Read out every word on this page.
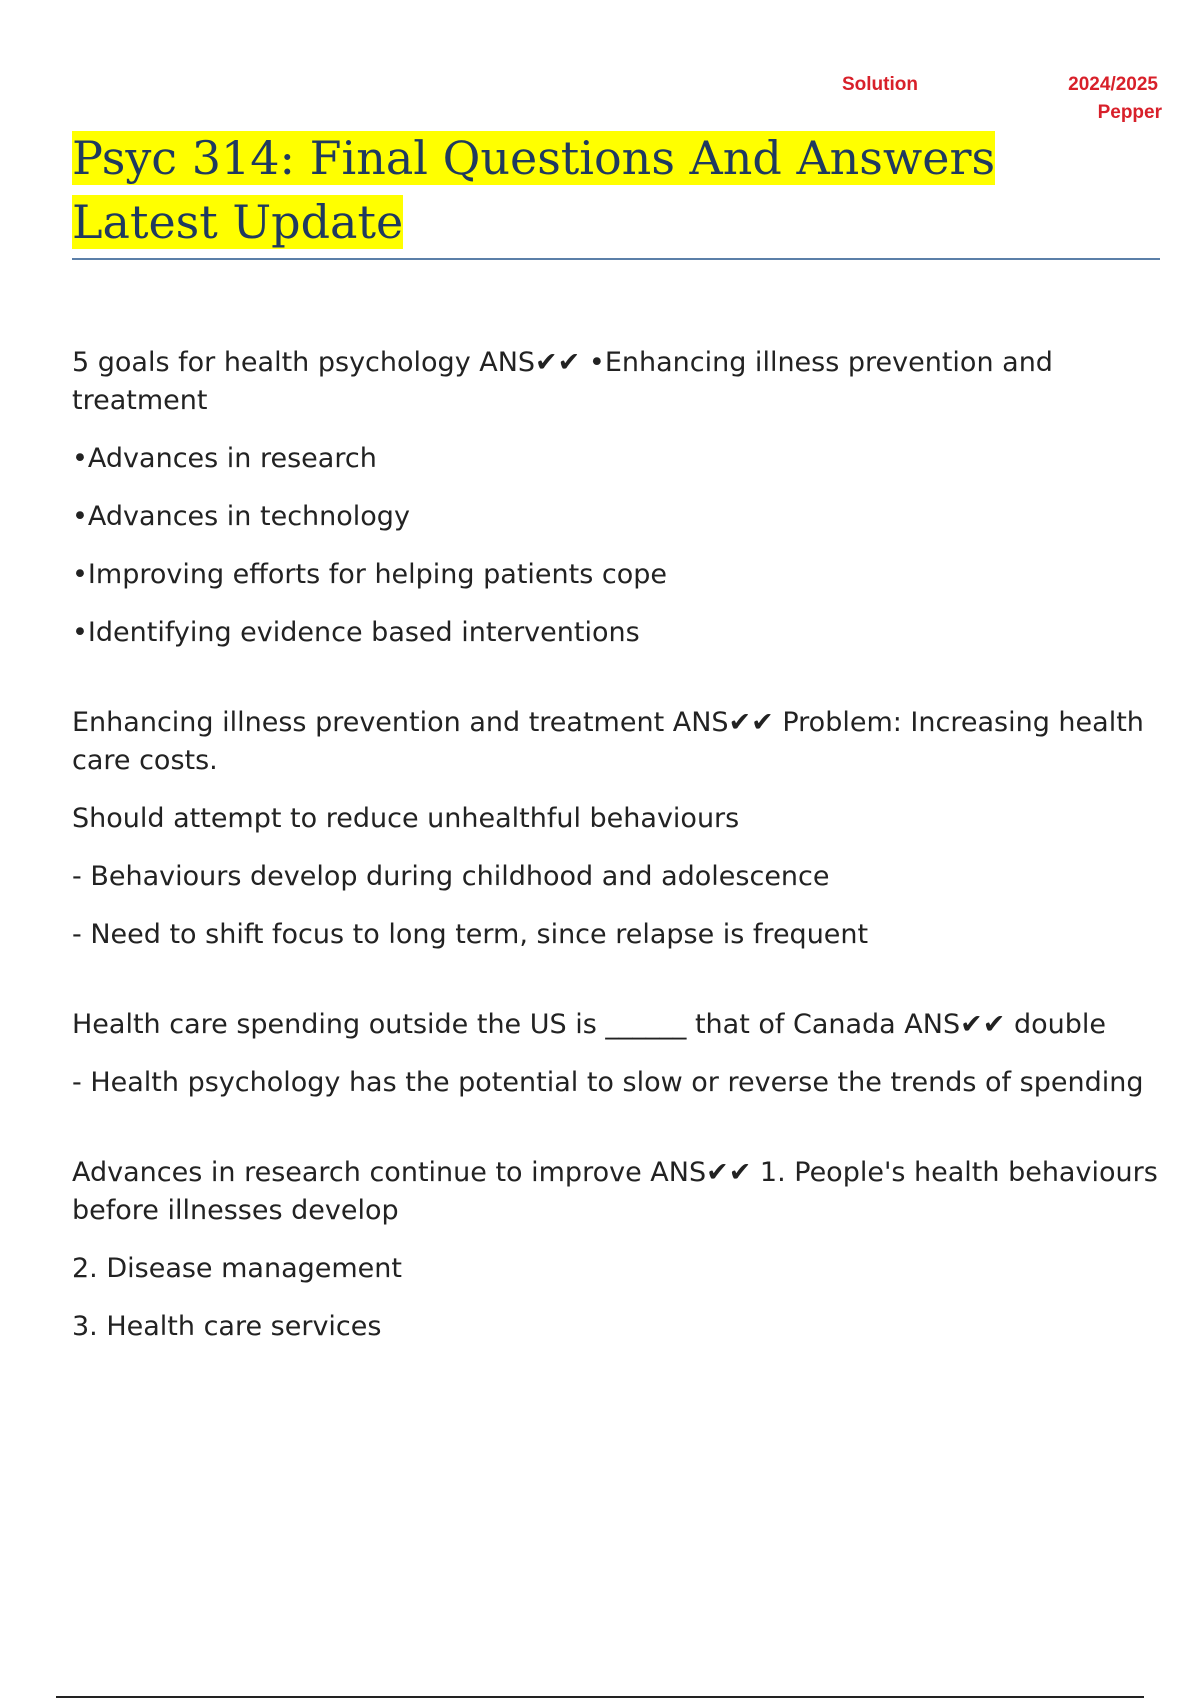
Solution	2024/2025
Pepper
Psyc 314: Final Questions And Answers Latest Update

5 goals for health psychology ANS✔✔ •Enhancing illness prevention and treatment

•Advances in research

•Advances in technology

•Improving efforts for helping patients cope

•Identifying evidence based interventions

Enhancing illness prevention and treatment ANS✔✔ Problem: Increasing health care costs.

Should attempt to reduce unhealthful behaviours

- Behaviours develop during childhood and adolescence

- Need to shift focus to long term, since relapse is frequent

Health care spending outside the US is ______ that of Canada ANS✔✔ double

- Health psychology has the potential to slow or reverse the trends of spending

Advances in research continue to improve ANS✔✔ 1. People's health behaviours before illnesses develop

2. Disease management

3. Health care services
